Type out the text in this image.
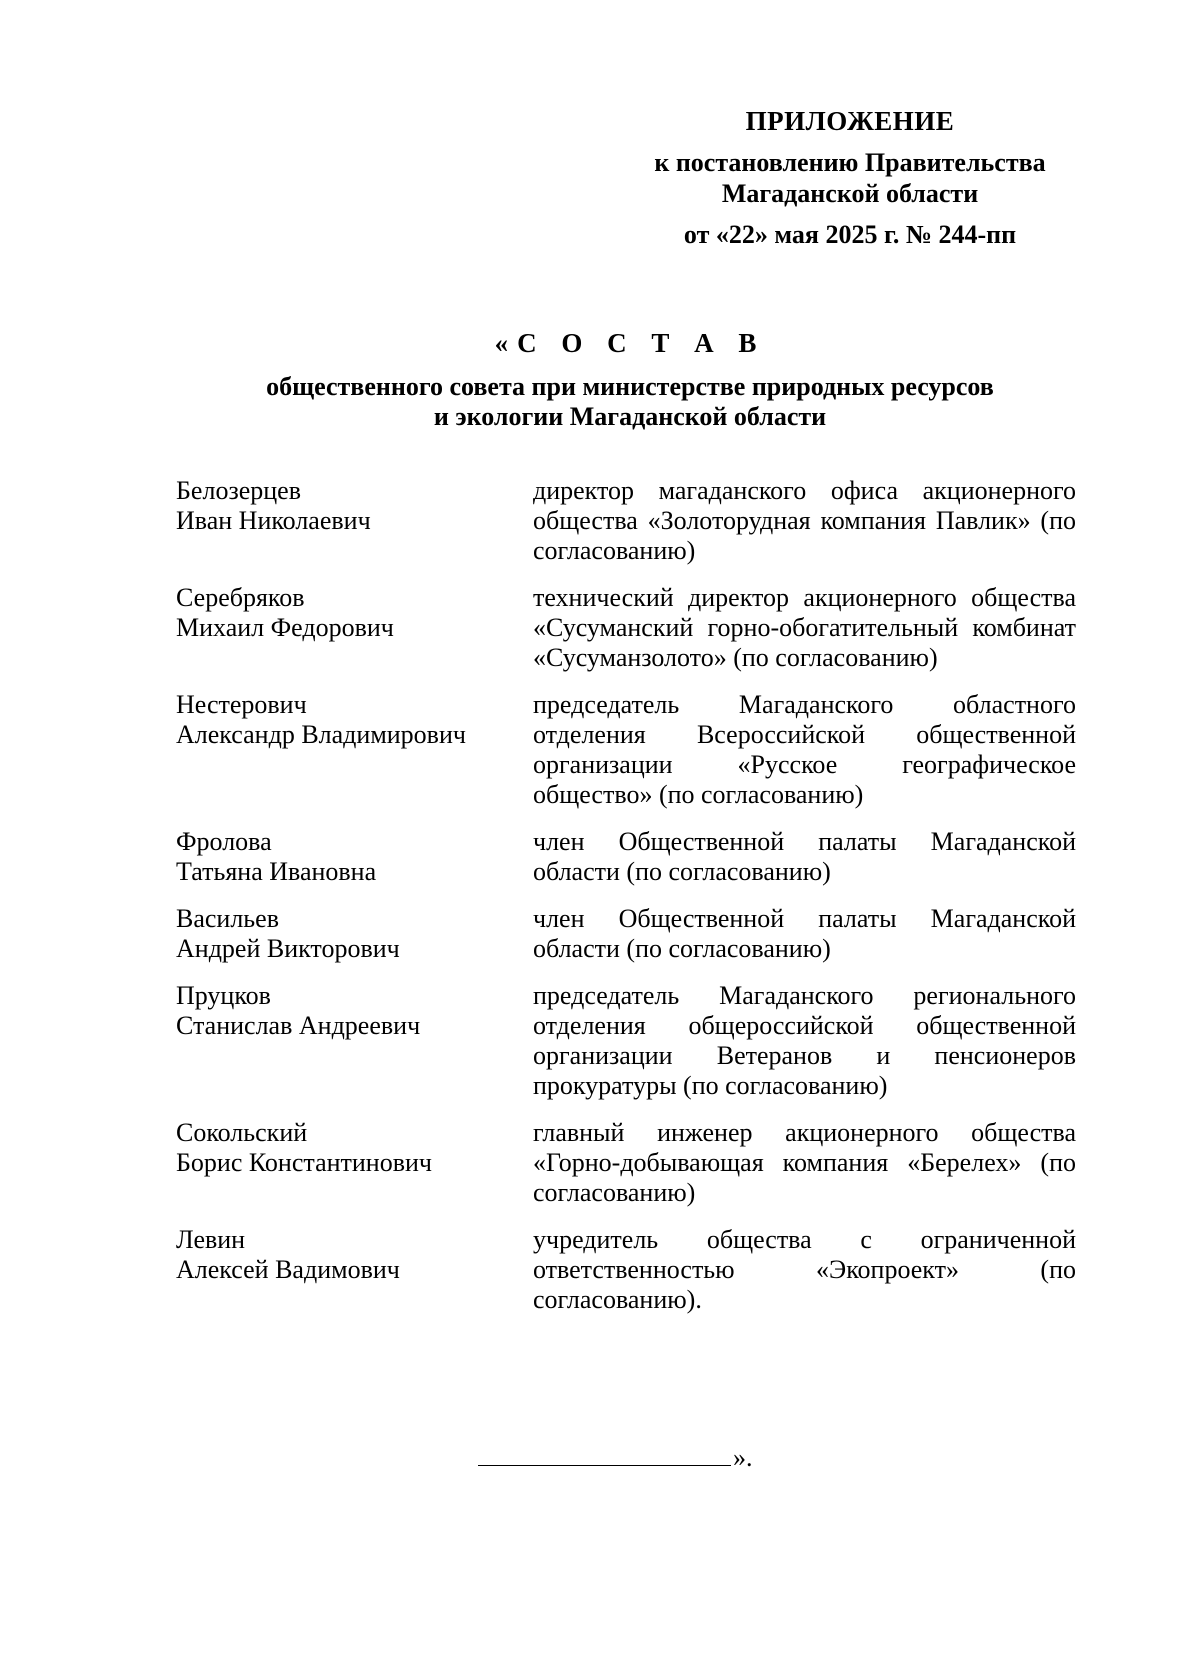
ПРИЛОЖЕНИЕ
к постановлению Правительства
Магаданской области
от «22» мая 2025 г. № 244-пп
«С О С Т А В
общественного совета при министерстве природных ресурсов
и экологии Магаданской области
Белозерцев
Иван Николаевич
директор магаданского офиса акционерного общества «Золоторудная компания Павлик» (по согласованию)
Серебряков
Михаил Федорович
технический директор акционерного общества «Сусуманский горно-обогатительный комбинат «Сусуманзолото» (по согласованию)
Нестерович
Александр Владимирович
председатель Магаданского областного отделения Всероссийской общественной организации «Русское географическое общество» (по согласованию)
Фролова
Татьяна Ивановна
член Общественной палаты Магаданской области (по согласованию)
Васильев
Андрей Викторович
член Общественной палаты Магаданской области (по согласованию)
Пруцков
Станислав Андреевич
председатель Магаданского регионального отделения общероссийской общественной организации Ветеранов и пенсионеров прокуратуры (по согласованию)
Сокольский
Борис Константинович
главный инженер акционерного общества «Горно-добывающая компания «Берелех» (по согласованию)
Левин
Алексей Вадимович
учредитель общества с ограниченной ответственностью «Экопроект» (по согласованию).
».
